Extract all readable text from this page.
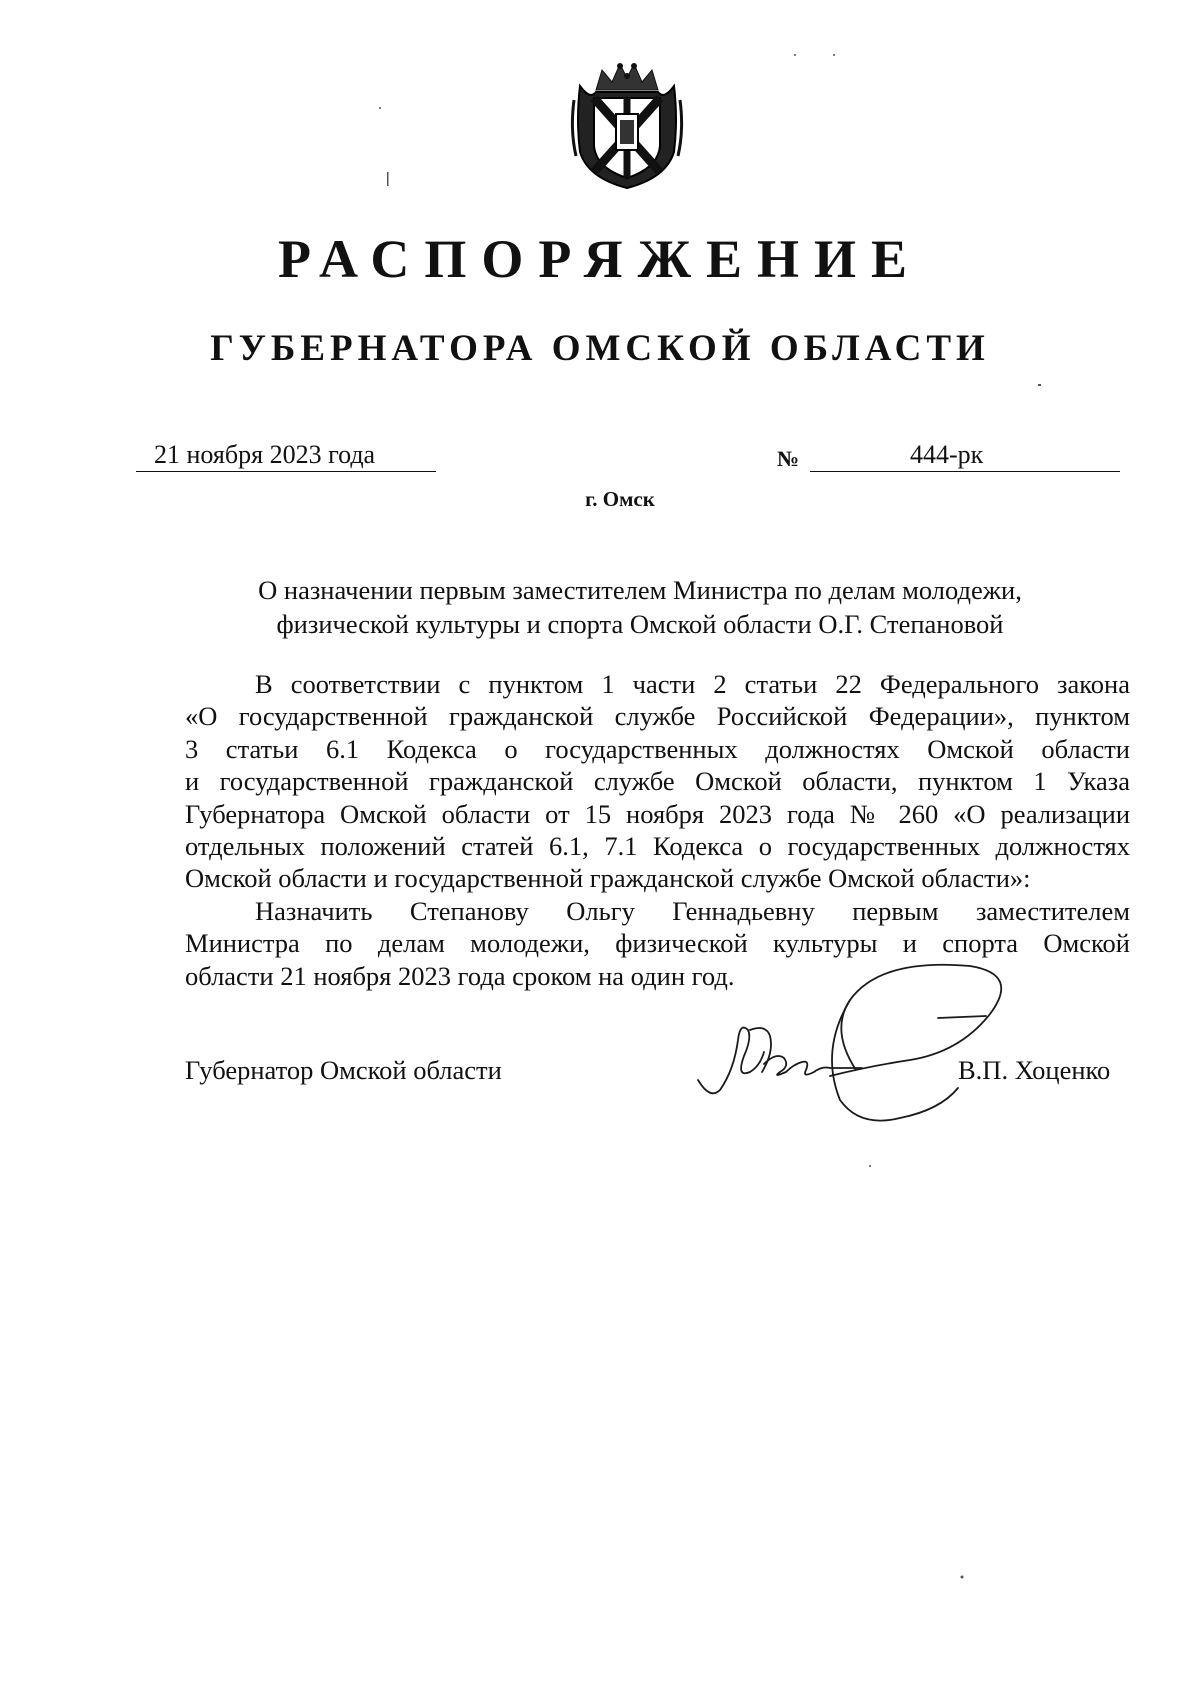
РАСПОРЯЖЕНИЕ
ГУБЕРНАТОРА ОМСКОЙ ОБЛАСТИ
21 ноября 2023 года	№	444-рк
г. Омск
О назначении первым заместителем Министра по делам молодежи,
физической культуры и спорта Омской области О.Г. Степановой
В соответствии с пунктом 1 части 2 статьи 22 Федерального закона
«О государственной гражданской службе Российской Федерации», пунктом
3 статьи 6.1 Кодекса о государственных должностях Омской области
и государственной гражданской службе Омской области, пунктом 1 Указа
Губернатора Омской области от 15 ноября 2023 года № 260 «О реализации
отдельных положений статей 6.1, 7.1 Кодекса о государственных должностях
Омской области и государственной гражданской службе Омской области»:
Назначить Степанову Ольгу Геннадьевну первым заместителем
Министра по делам молодежи, физической культуры и спорта Омской
области 21 ноября 2023 года сроком на один год.
Губернатор Омской области	В.П. Хоценко
